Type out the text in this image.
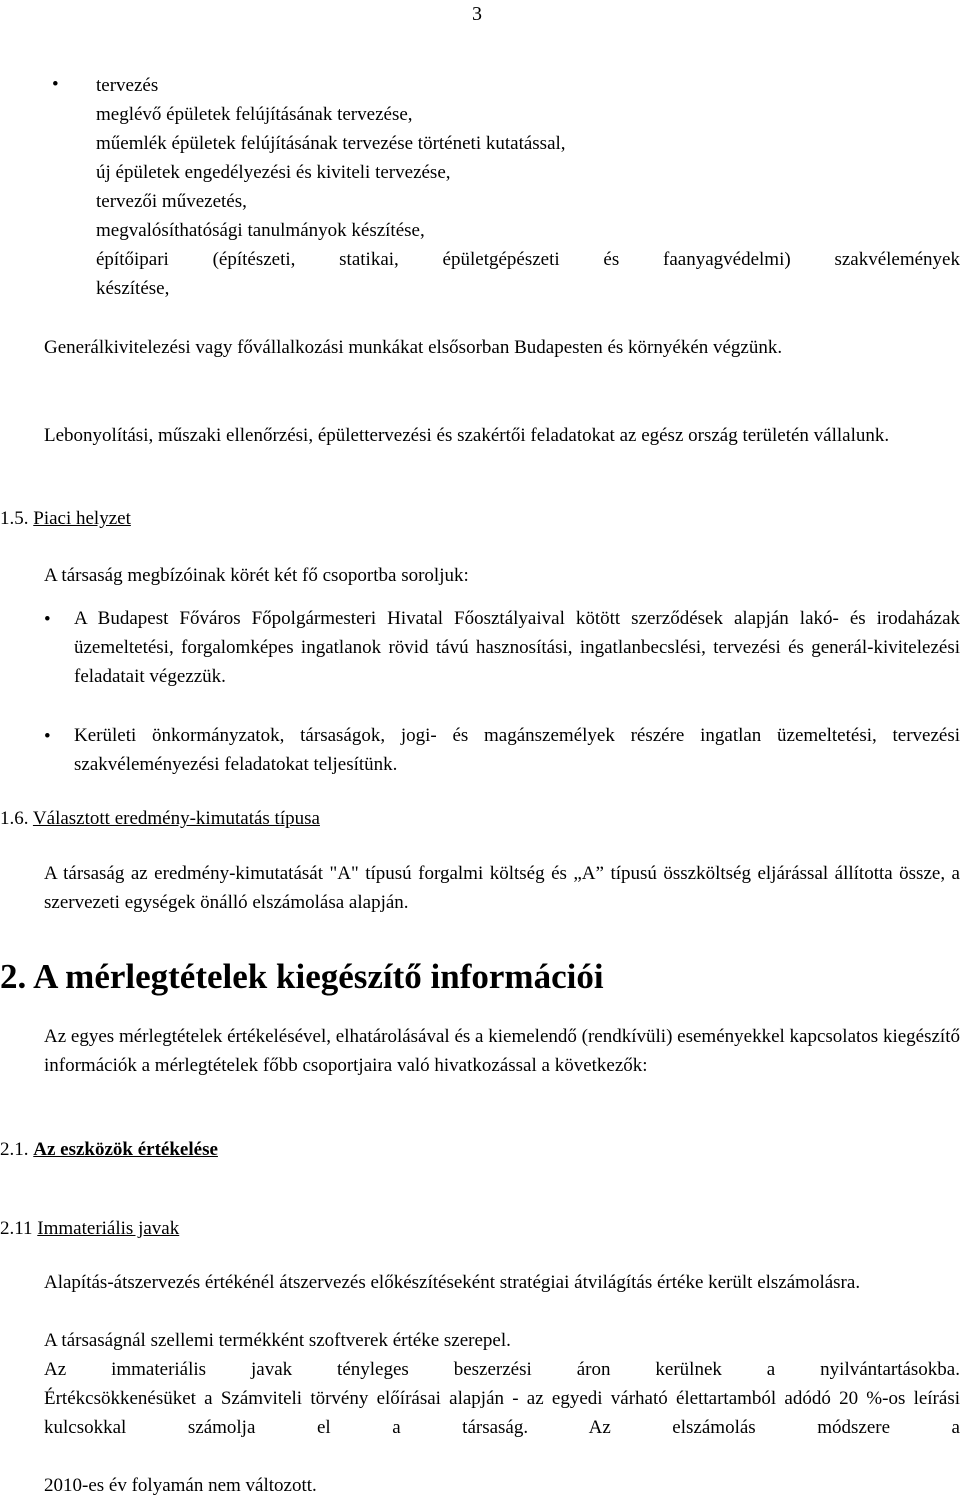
3
• tervezés
meglévő épületek felújításának tervezése,
műemlék épületek felújításának tervezése történeti kutatással,
új épületek engedélyezési és kiviteli tervezése,
tervezői művezetés,
megvalósíthatósági tanulmányok készítése,
építőipari (építészeti, statikai, épületgépészeti és faanyagvédelmi) szakvélemények
készítése,
Generálkivitelezési vagy fővállalkozási munkákat elsősorban Budapesten és környékén végzünk.
Lebonyolítási, műszaki ellenőrzési, épülettervezési és szakértői feladatokat az egész ország területén vállalunk.
1.5. Piaci helyzet
A társaság megbízóinak körét két fő csoportba soroljuk:
• A Budapest Főváros Főpolgármesteri Hivatal Főosztályaival kötött szerződések alapján lakó- és irodaházak üzemeltetési, forgalomképes ingatlanok rövid távú hasznosítási, ingatlanbecslési, tervezési és generál-kivitelezési feladatait végezzük.
• Kerületi önkormányzatok, társaságok, jogi- és magánszemélyek részére ingatlan üzemeltetési, tervezési szakvéleményezési feladatokat teljesítünk.
1.6. Választott eredmény-kimutatás típusa
A társaság az eredmény-kimutatását "A" típusú forgalmi költség és „A” típusú összköltség eljárással állította össze, a szervezeti egységek önálló elszámolása alapján.
2. A mérlegtételek kiegészítő információi
Az egyes mérlegtételek értékelésével, elhatárolásával és a kiemelendő (rendkívüli) eseményekkel kapcsolatos kiegészítő információk a mérlegtételek főbb csoportjaira való hivatkozással a következők:
2.1. Az eszközök értékelése
2.11 Immateriális javak
Alapítás-átszervezés értékénél átszervezés előkészítéseként stratégiai átvilágítás értéke került elszámolásra.
A társaságnál szellemi termékként szoftverek értéke szerepel.
Az immateriális javak tényleges beszerzési áron kerülnek a nyilvántartásokba.
Értékcsökkenésüket a Számviteli törvény előírásai alapján - az egyedi várható élettartamból adódó 20 %-os leírási kulcsokkal számolja el a társaság. Az elszámolás módszere a
2010-es év folyamán nem változott.
